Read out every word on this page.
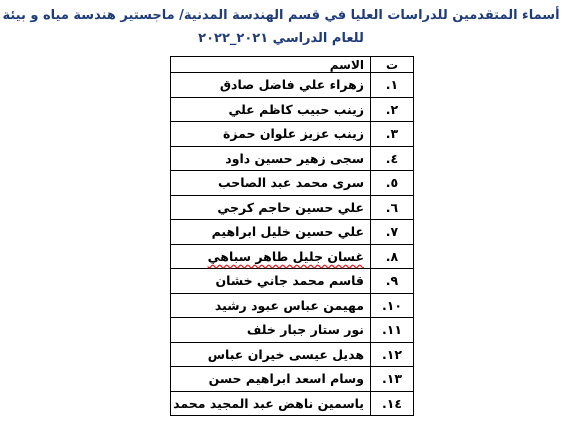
أسماء المتقدمين للدراسات العليا في قسم الهندسة المدنية/ ماجستير هندسة مياه و بيئة
للعام الدراسي ٢٠٢١_٢٠٢٢
ت	الاسم
١.	زهراء علي فاضل صادق
٢.	زينب حبيب كاظم علي
٣.	زينب عزيز علوان حمزة
٤.	سجى زهير حسين داود
٥.	سرى محمد عبد الصاحب
٦.	علي حسين حاجم كرجي
٧.	علي حسين خليل ابراهيم
٨.	غسان جليل طاهر سباهي
٩.	قاسم محمد جاني خشان
١٠.	مهيمن عباس عبود رشيد
١١.	نور ستار جبار خلف
١٢.	هديل عيسى خيران عباس
١٣.	وسام اسعد ابراهيم حسن
١٤.	ياسمين ناهض عبد المجيد محمد
